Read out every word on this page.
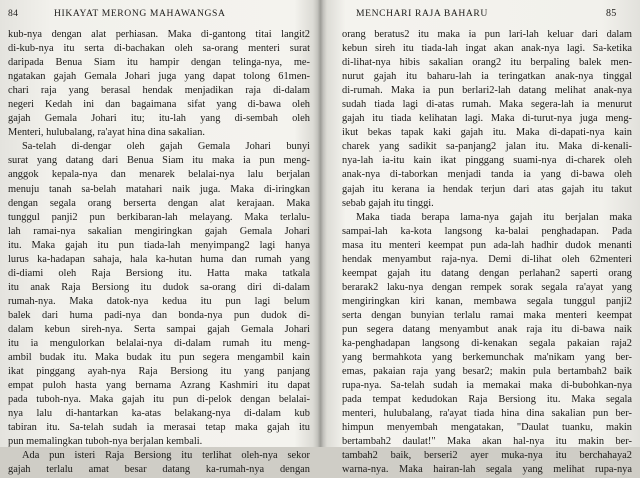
84	HIKAYAT MERONG MAHAWANGSA
kub-nya dengan alat perhiasan. Maka di-gantong titai langit2
di-kub-nya itu serta di-bachakan oleh sa-orang menteri surat
daripada Benua Siam itu hampir dengan telinga-nya, me-
ngatakan gajah Gemala Johari juga yang dapat tolong 61men-
chari raja yang berasal hendak menjadikan raja di-dalam
negeri Kedah ini dan bagaimana sifat yang di-bawa oleh
gajah Gemala Johari itu; itu-lah yang di-sembah oleh
Menteri, hulubalang, ra'ayat hina dina sakalian.
Sa-telah di-dengar oleh gajah Gemala Johari bunyi
surat yang datang dari Benua Siam itu maka ia pun meng-
anggok kepala-nya dan menarek belalai-nya lalu berjalan
menuju tanah sa-belah matahari naik juga. Maka di-iringkan
dengan segala orang berserta dengan alat kerajaan. Maka
tunggul panji2 pun berkibaran-lah melayang. Maka terlalu-
lah ramai-nya sakalian mengiringkan gajah Gemala Johari
itu. Maka gajah itu pun tiada-lah menyimpang2 lagi hanya
lurus ka-hadapan sahaja, hala ka-hutan huma dan rumah yang
di-diami oleh Raja Bersiong itu. Hatta maka tatkala
itu anak Raja Bersiong itu dudok sa-orang diri di-dalam
rumah-nya. Maka datok-nya kedua itu pun lagi belum
balek dari huma padi-nya dan bonda-nya pun dudok di-
dalam kebun sireh-nya. Serta sampai gajah Gemala Johari
itu ia mengulorkan belalai-nya di-dalam rumah itu meng-
ambil budak itu. Maka budak itu pun segera mengambil kain
ikat pinggang ayah-nya Raja Bersiong itu yang panjang
empat puloh hasta yang bernama Azrang Kashmiri itu dapat
pada tuboh-nya. Maka gajah itu pun di-pelok dengan belalai-
nya lalu di-hantarkan ka-atas belakang-nya di-dalam kub
tabiran itu. Sa-telah sudah ia merasai tetap maka gajah itu
pun memalingkan tuboh-nya berjalan kembali.
Ada pun isteri Raja Bersiong itu terlihat oleh-nya sekor
gajah terlalu amat besar datang ka-rumah-nya dengan
MENCHARI RAJA BAHARU	85
orang beratus2 itu maka ia pun lari-lah keluar dari dalam
kebun sireh itu tiada-lah ingat akan anak-nya lagi. Sa-ketika
di-lihat-nya hibis sakalian orang2 itu berpaling balek men-
nurut gajah itu baharu-lah ia teringatkan anak-nya tinggal
di-rumah. Maka ia pun berlari2-lah datang melihat anak-nya
sudah tiada lagi di-atas rumah. Maka segera-lah ia menurut
gajah itu tiada kelihatan lagi. Maka di-turut-nya juga meng-
ikut bekas tapak kaki gajah itu. Maka di-dapati-nya kain
charek yang sadikit sa-panjang2 jalan itu. Maka di-kenali-
nya-lah ia-itu kain ikat pinggang suami-nya di-charek oleh
anak-nya di-taborkan menjadi tanda ia yang di-bawa oleh
gajah itu kerana ia hendak terjun dari atas gajah itu takut
sebab gajah itu tinggi.
Maka tiada berapa lama-nya gajah itu berjalan maka
sampai-lah ka-kota langsong ka-balai penghadapan. Pada
masa itu menteri keempat pun ada-lah hadhir dudok menanti
hendak menyambut raja-nya. Demi di-lihat oleh 62menteri
keempat gajah itu datang dengan perlahan2 saperti orang
berarak2 laku-nya dengan rempek sorak segala ra'ayat yang
mengiringkan kiri kanan, membawa segala tunggul panji2
serta dengan bunyian terlalu ramai maka menteri keempat
pun segera datang menyambut anak raja itu di-bawa naik
ka-penghadapan langsong di-kenakan segala pakaian raja2
yang bermahkota yang berkemunchak ma'nikam yang ber-
emas, pakaian raja yang besar2; makin pula bertambah2 baik
rupa-nya. Sa-telah sudah ia memakai maka di-bubohkan-nya
pada tempat kedudokan Raja Bersiong itu. Maka segala
menteri, hulubalang, ra'ayat tiada hina dina sakalian pun ber-
himpun menyembah mengatakan, "Daulat tuanku, makin
bertambah2 daulat!" Maka akan hal-nya itu makin ber-
tambah2 baik, berseri2 ayer muka-nya itu berchahaya2
warna-nya. Maka hairan-lah segala yang melihat rupa-nya
